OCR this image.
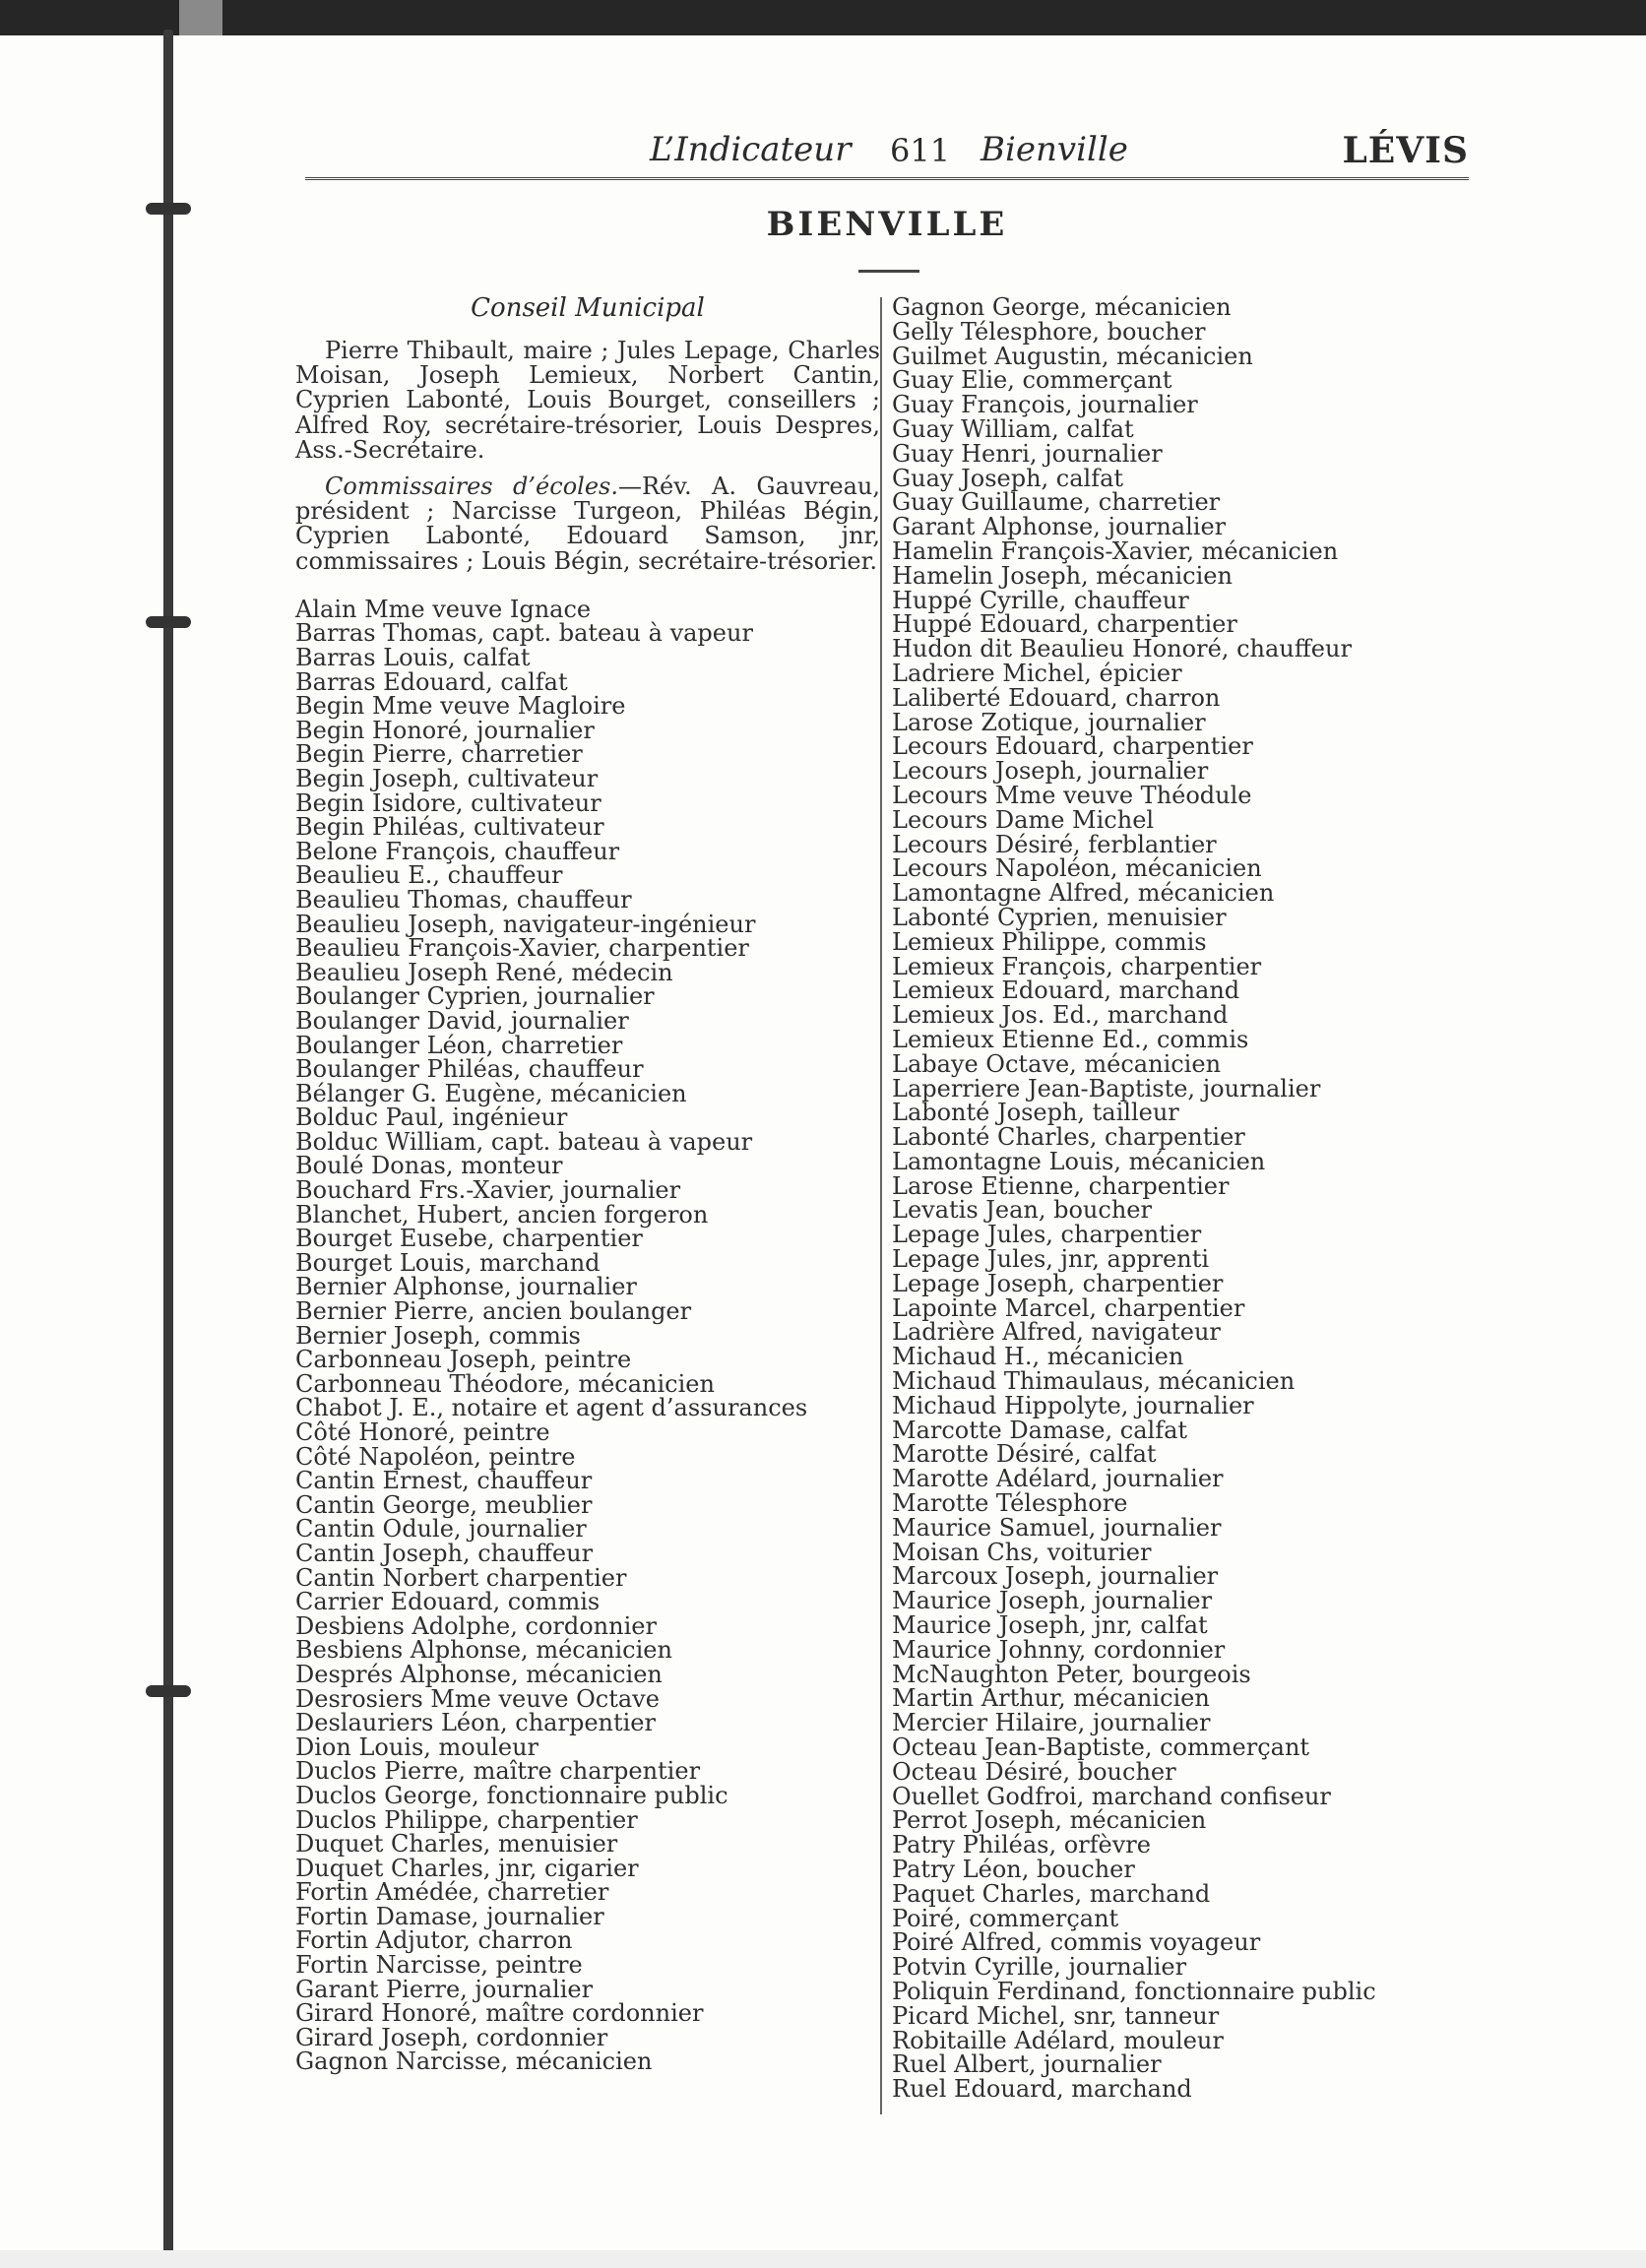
L’Indicateur 611 Bienville	LÉVIS
BIENVILLE
Conseil Municipal

Pierre Thibault, maire ; Jules Lepage, Charles Moisan, Joseph Lemieux, Norbert Cantin, Cyprien Labonté, Louis Bourget, conseillers ; Alfred Roy, secrétaire-trésorier, Louis Despres, Ass.-Secrétaire.

Commissaires d’écoles.—Rév. A. Gauvreau, président ; Narcisse Turgeon, Philéas Bégin, Cyprien Labonté, Edouard Samson, jnr, commissaires ; Louis Bégin, secrétaire-trésorier.

Alain Mme veuve Ignace
Barras Thomas, capt. bateau à vapeur
Barras Louis, calfat
Barras Edouard, calfat
Begin Mme veuve Magloire
Begin Honoré, journalier
Begin Pierre, charretier
Begin Joseph, cultivateur
Begin Isidore, cultivateur
Begin Philéas, cultivateur
Belone François, chauffeur
Beaulieu E., chauffeur
Beaulieu Thomas, chauffeur
Beaulieu Joseph, navigateur-ingénieur
Beaulieu François-Xavier, charpentier
Beaulieu Joseph René, médecin
Boulanger Cyprien, journalier
Boulanger David, journalier
Boulanger Léon, charretier
Boulanger Philéas, chauffeur
Bélanger G. Eugène, mécanicien
Bolduc Paul, ingénieur
Bolduc William, capt. bateau à vapeur
Boulé Donas, monteur
Bouchard Frs.-Xavier, journalier
Blanchet, Hubert, ancien forgeron
Bourget Eusebe, charpentier
Bourget Louis, marchand
Bernier Alphonse, journalier
Bernier Pierre, ancien boulanger
Bernier Joseph, commis
Carbonneau Joseph, peintre
Carbonneau Théodore, mécanicien
Chabot J. E., notaire et agent d’assurances
Côté Honoré, peintre
Côté Napoléon, peintre
Cantin Ernest, chauffeur
Cantin George, meublier
Cantin Odule, journalier
Cantin Joseph, chauffeur
Cantin Norbert charpentier
Carrier Edouard, commis
Desbiens Adolphe, cordonnier
Besbiens Alphonse, mécanicien
Després Alphonse, mécanicien
Desrosiers Mme veuve Octave
Deslauriers Léon, charpentier
Dion Louis, mouleur
Duclos Pierre, maître charpentier
Duclos George, fonctionnaire public
Duclos Philippe, charpentier
Duquet Charles, menuisier
Duquet Charles, jnr, cigarier
Fortin Amédée, charretier
Fortin Damase, journalier
Fortin Adjutor, charron
Fortin Narcisse, peintre
Garant Pierre, journalier
Girard Honoré, maître cordonnier
Girard Joseph, cordonnier
Gagnon Narcisse, mécanicien
Gagnon George, mécanicien
Gelly Télesphore, boucher
Guilmet Augustin, mécanicien
Guay Elie, commerçant
Guay François, journalier
Guay William, calfat
Guay Henri, journalier
Guay Joseph, calfat
Guay Guillaume, charretier
Garant Alphonse, journalier
Hamelin François-Xavier, mécanicien
Hamelin Joseph, mécanicien
Huppé Cyrille, chauffeur
Huppé Edouard, charpentier
Hudon dit Beaulieu Honoré, chauffeur
Ladriere Michel, épicier
Laliberté Edouard, charron
Larose Zotique, journalier
Lecours Edouard, charpentier
Lecours Joseph, journalier
Lecours Mme veuve Théodule
Lecours Dame Michel
Lecours Désiré, ferblantier
Lecours Napoléon, mécanicien
Lamontagne Alfred, mécanicien
Labonté Cyprien, menuisier
Lemieux Philippe, commis
Lemieux François, charpentier
Lemieux Edouard, marchand
Lemieux Jos. Ed., marchand
Lemieux Etienne Ed., commis
Labaye Octave, mécanicien
Laperriere Jean-Baptiste, journalier
Labonté Joseph, tailleur
Labonté Charles, charpentier
Lamontagne Louis, mécanicien
Larose Etienne, charpentier
Levatis Jean, boucher
Lepage Jules, charpentier
Lepage Jules, jnr, apprenti
Lepage Joseph, charpentier
Lapointe Marcel, charpentier
Ladrière Alfred, navigateur
Michaud H., mécanicien
Michaud Thimaulaus, mécanicien
Michaud Hippolyte, journalier
Marcotte Damase, calfat
Marotte Désiré, calfat
Marotte Adélard, journalier
Marotte Télesphore
Maurice Samuel, journalier
Moisan Chs, voiturier
Marcoux Joseph, journalier
Maurice Joseph, journalier
Maurice Joseph, jnr, calfat
Maurice Johnny, cordonnier
McNaughton Peter, bourgeois
Martin Arthur, mécanicien
Mercier Hilaire, journalier
Octeau Jean-Baptiste, commerçant
Octeau Désiré, boucher
Ouellet Godfroi, marchand confiseur
Perrot Joseph, mécanicien
Patry Philéas, orfèvre
Patry Léon, boucher
Paquet Charles, marchand
Poiré, commerçant
Poiré Alfred, commis voyageur
Potvin Cyrille, journalier
Poliquin Ferdinand, fonctionnaire public
Picard Michel, snr, tanneur
Robitaille Adélard, mouleur
Ruel Albert, journalier
Ruel Edouard, marchand
